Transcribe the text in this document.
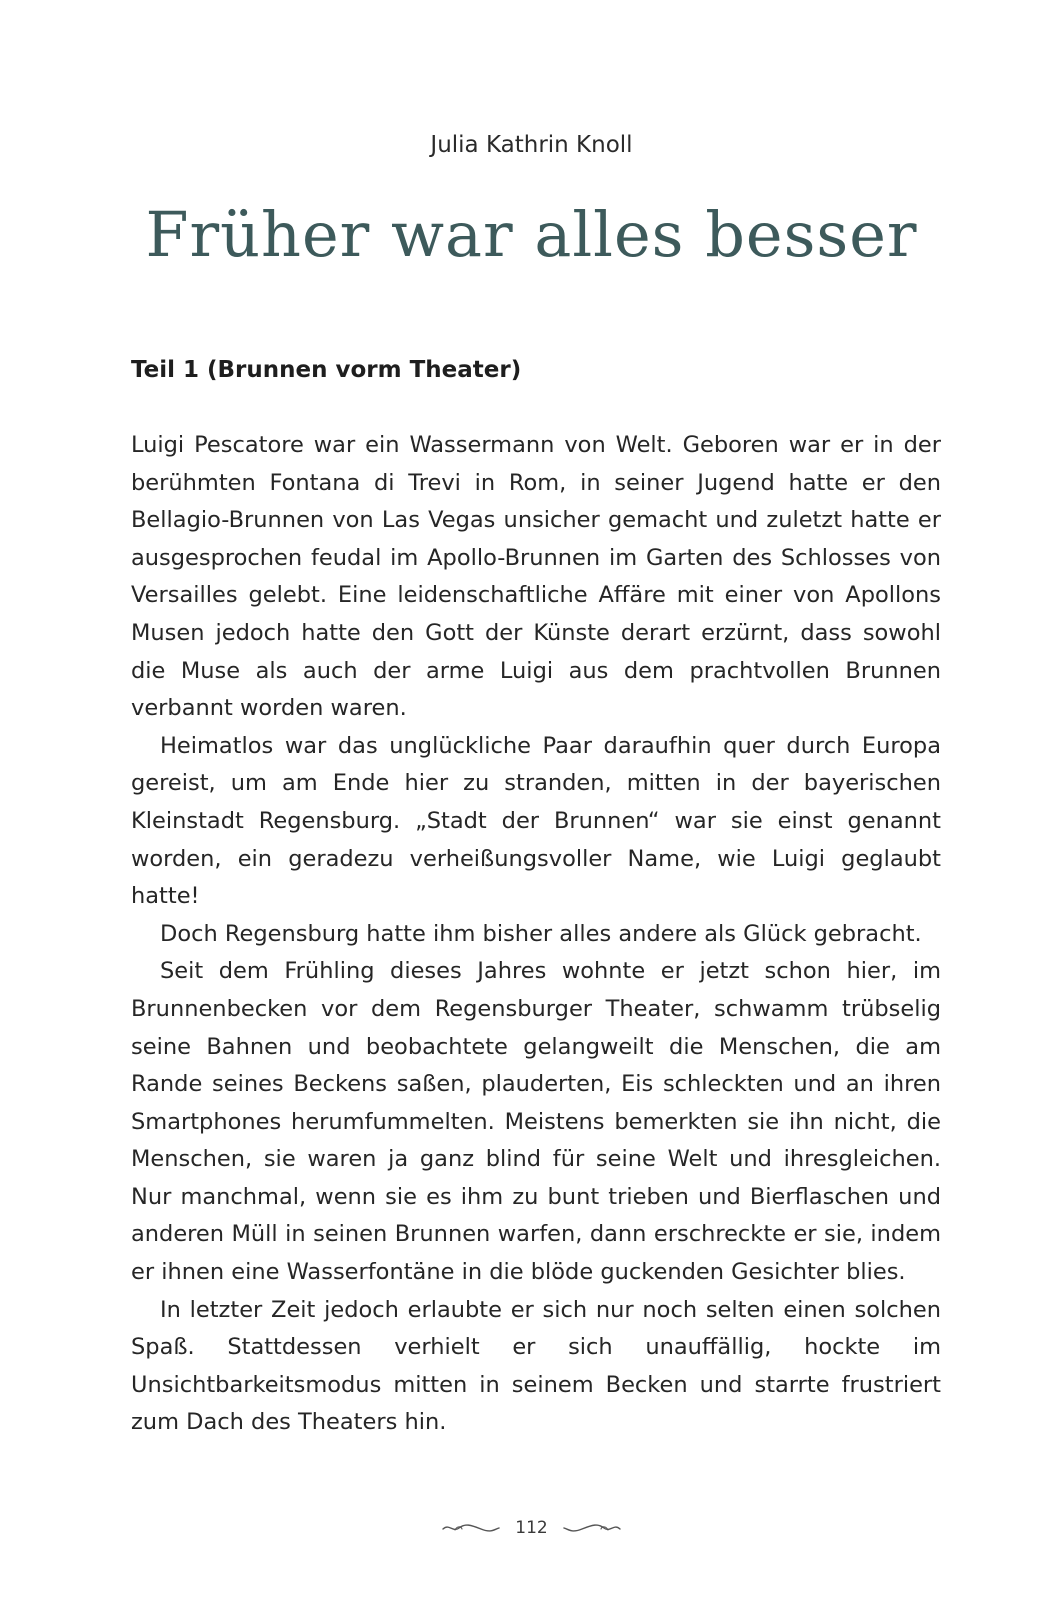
Julia Kathrin Knoll
Früher war alles besser
Teil 1 (Brunnen vorm Theater)

Luigi Pescatore war ein Wassermann von Welt. Geboren war er in der berühmten Fontana di Trevi in Rom, in seiner Jugend hatte er den Bellagio-Brunnen von Las Vegas unsicher gemacht und zuletzt hatte er ausgesprochen feudal im Apollo-Brunnen im Garten des Schlosses von Versailles gelebt. Eine leidenschaftliche Affäre mit einer von Apollons Musen jedoch hatte den Gott der Künste derart erzürnt, dass sowohl die Muse als auch der arme Luigi aus dem prachtvollen Brunnen verbannt worden waren.

Heimatlos war das unglückliche Paar daraufhin quer durch Europa gereist, um am Ende hier zu stranden, mitten in der bayerischen Kleinstadt Regensburg. „Stadt der Brunnen“ war sie einst genannt worden, ein geradezu verheißungsvoller Name, wie Luigi geglaubt hatte!

Doch Regensburg hatte ihm bisher alles andere als Glück gebracht.

Seit dem Frühling dieses Jahres wohnte er jetzt schon hier, im Brunnenbecken vor dem Regensburger Theater, schwamm trübselig seine Bahnen und beobachtete gelangweilt die Menschen, die am Rande seines Beckens saßen, plauderten, Eis schleckten und an ihren Smartphones herumfummelten. Meistens bemerkten sie ihn nicht, die Menschen, sie waren ja ganz blind für seine Welt und ihresgleichen. Nur manchmal, wenn sie es ihm zu bunt trieben und Bierflaschen und anderen Müll in seinen Brunnen warfen, dann erschreckte er sie, indem er ihnen eine Wasserfontäne in die blöde guckenden Gesichter blies.

In letzter Zeit jedoch erlaubte er sich nur noch selten einen solchen Spaß. Stattdessen verhielt er sich unauffällig, hockte im Unsichtbarkeitsmodus mitten in seinem Becken und starrte frustriert zum Dach des Theaters hin.

112
